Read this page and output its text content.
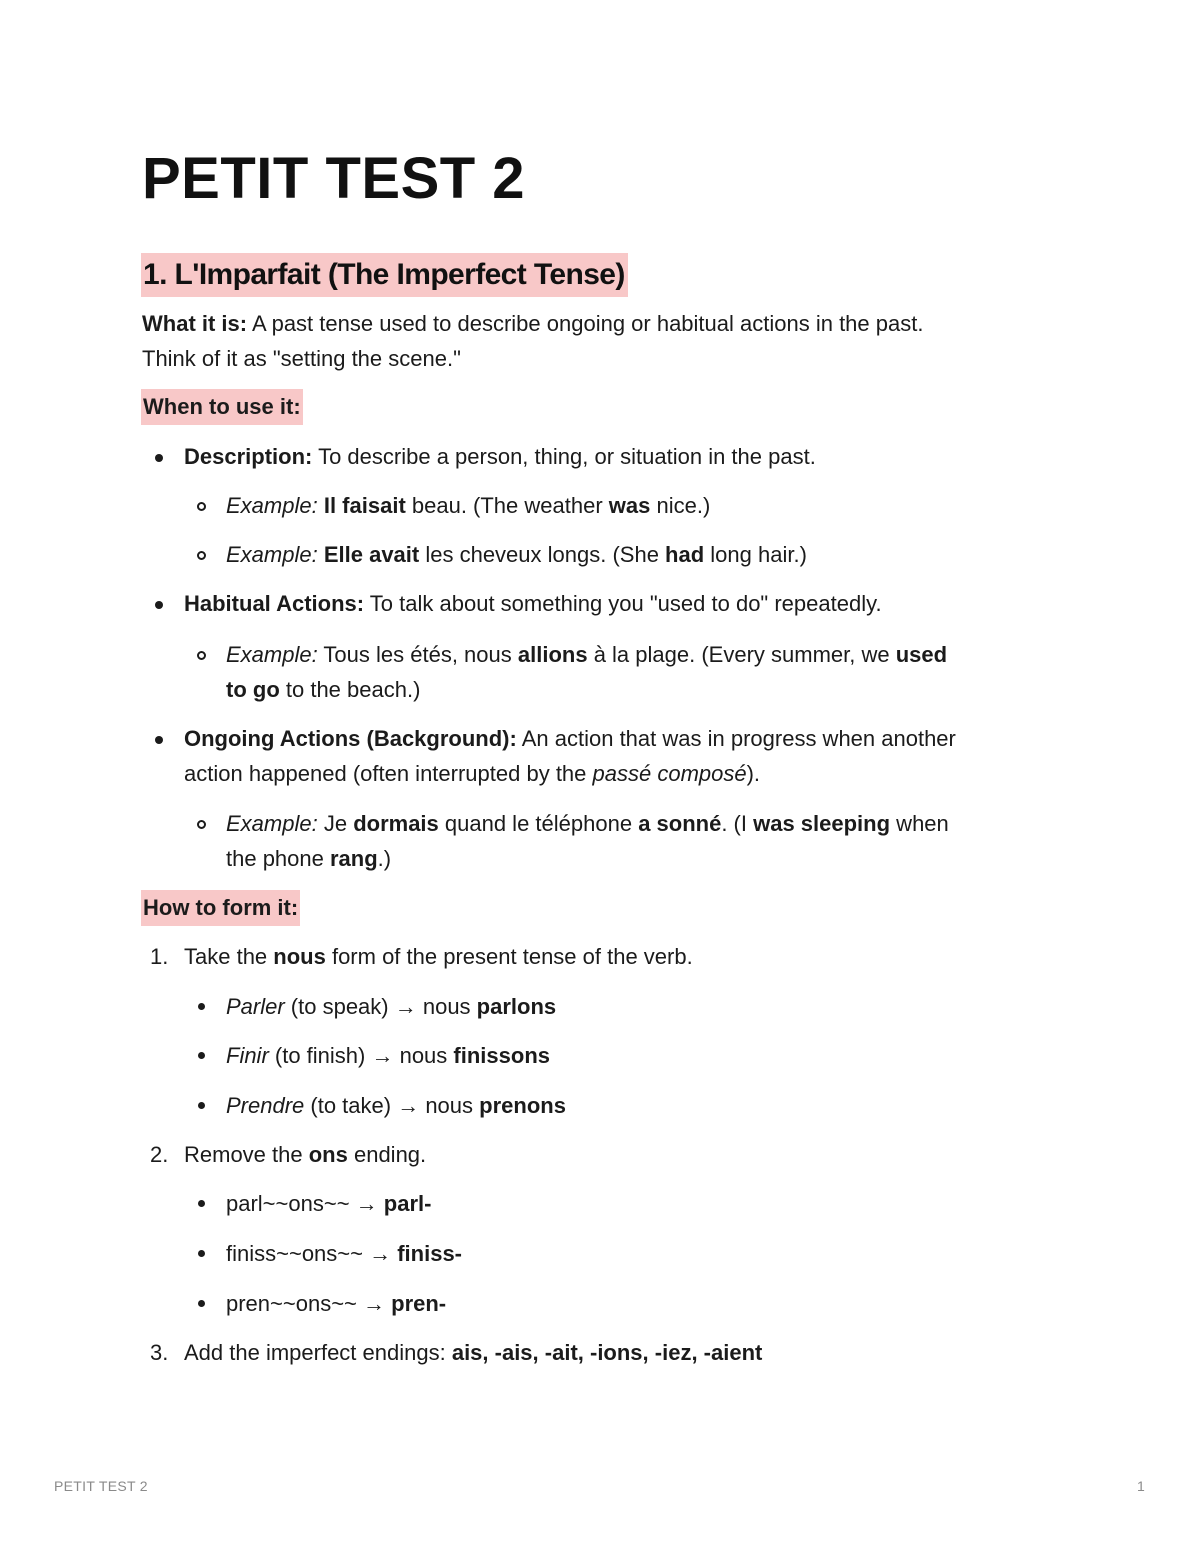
PETIT TEST 2
1. L'Imparfait (The Imperfect Tense)

What it is: A past tense used to describe ongoing or habitual actions in the past.

Think of it as "setting the scene."

When to use it:

Description: To describe a person, thing, or situation in the past.

Example: Il faisait beau. (The weather was nice.)

Example: Elle avait les cheveux longs. (She had long hair.)

Habitual Actions: To talk about something you "used to do" repeatedly.

Example: Tous les étés, nous allions à la plage. (Every summer, we used

to go to the beach.)

Ongoing Actions (Background): An action that was in progress when another

action happened (often interrupted by the passé composé).

Example: Je dormais quand le téléphone a sonné. (I was sleeping when

the phone rang.)

How to form it:
1. Take the nous form of the present tense of the verb.

Parler (to speak) → nous parlons

Finir (to finish) → nous finissons

Prendre (to take) → nous prenons

2. Remove the ons ending.

parl~~ons~~ → parl-

finiss~~ons~~ → finiss-

pren~~ons~~ → pren-

3. Add the imperfect endings: ais, -ais, -ait, -ions, -iez, -aient

PETIT TEST 2	1
